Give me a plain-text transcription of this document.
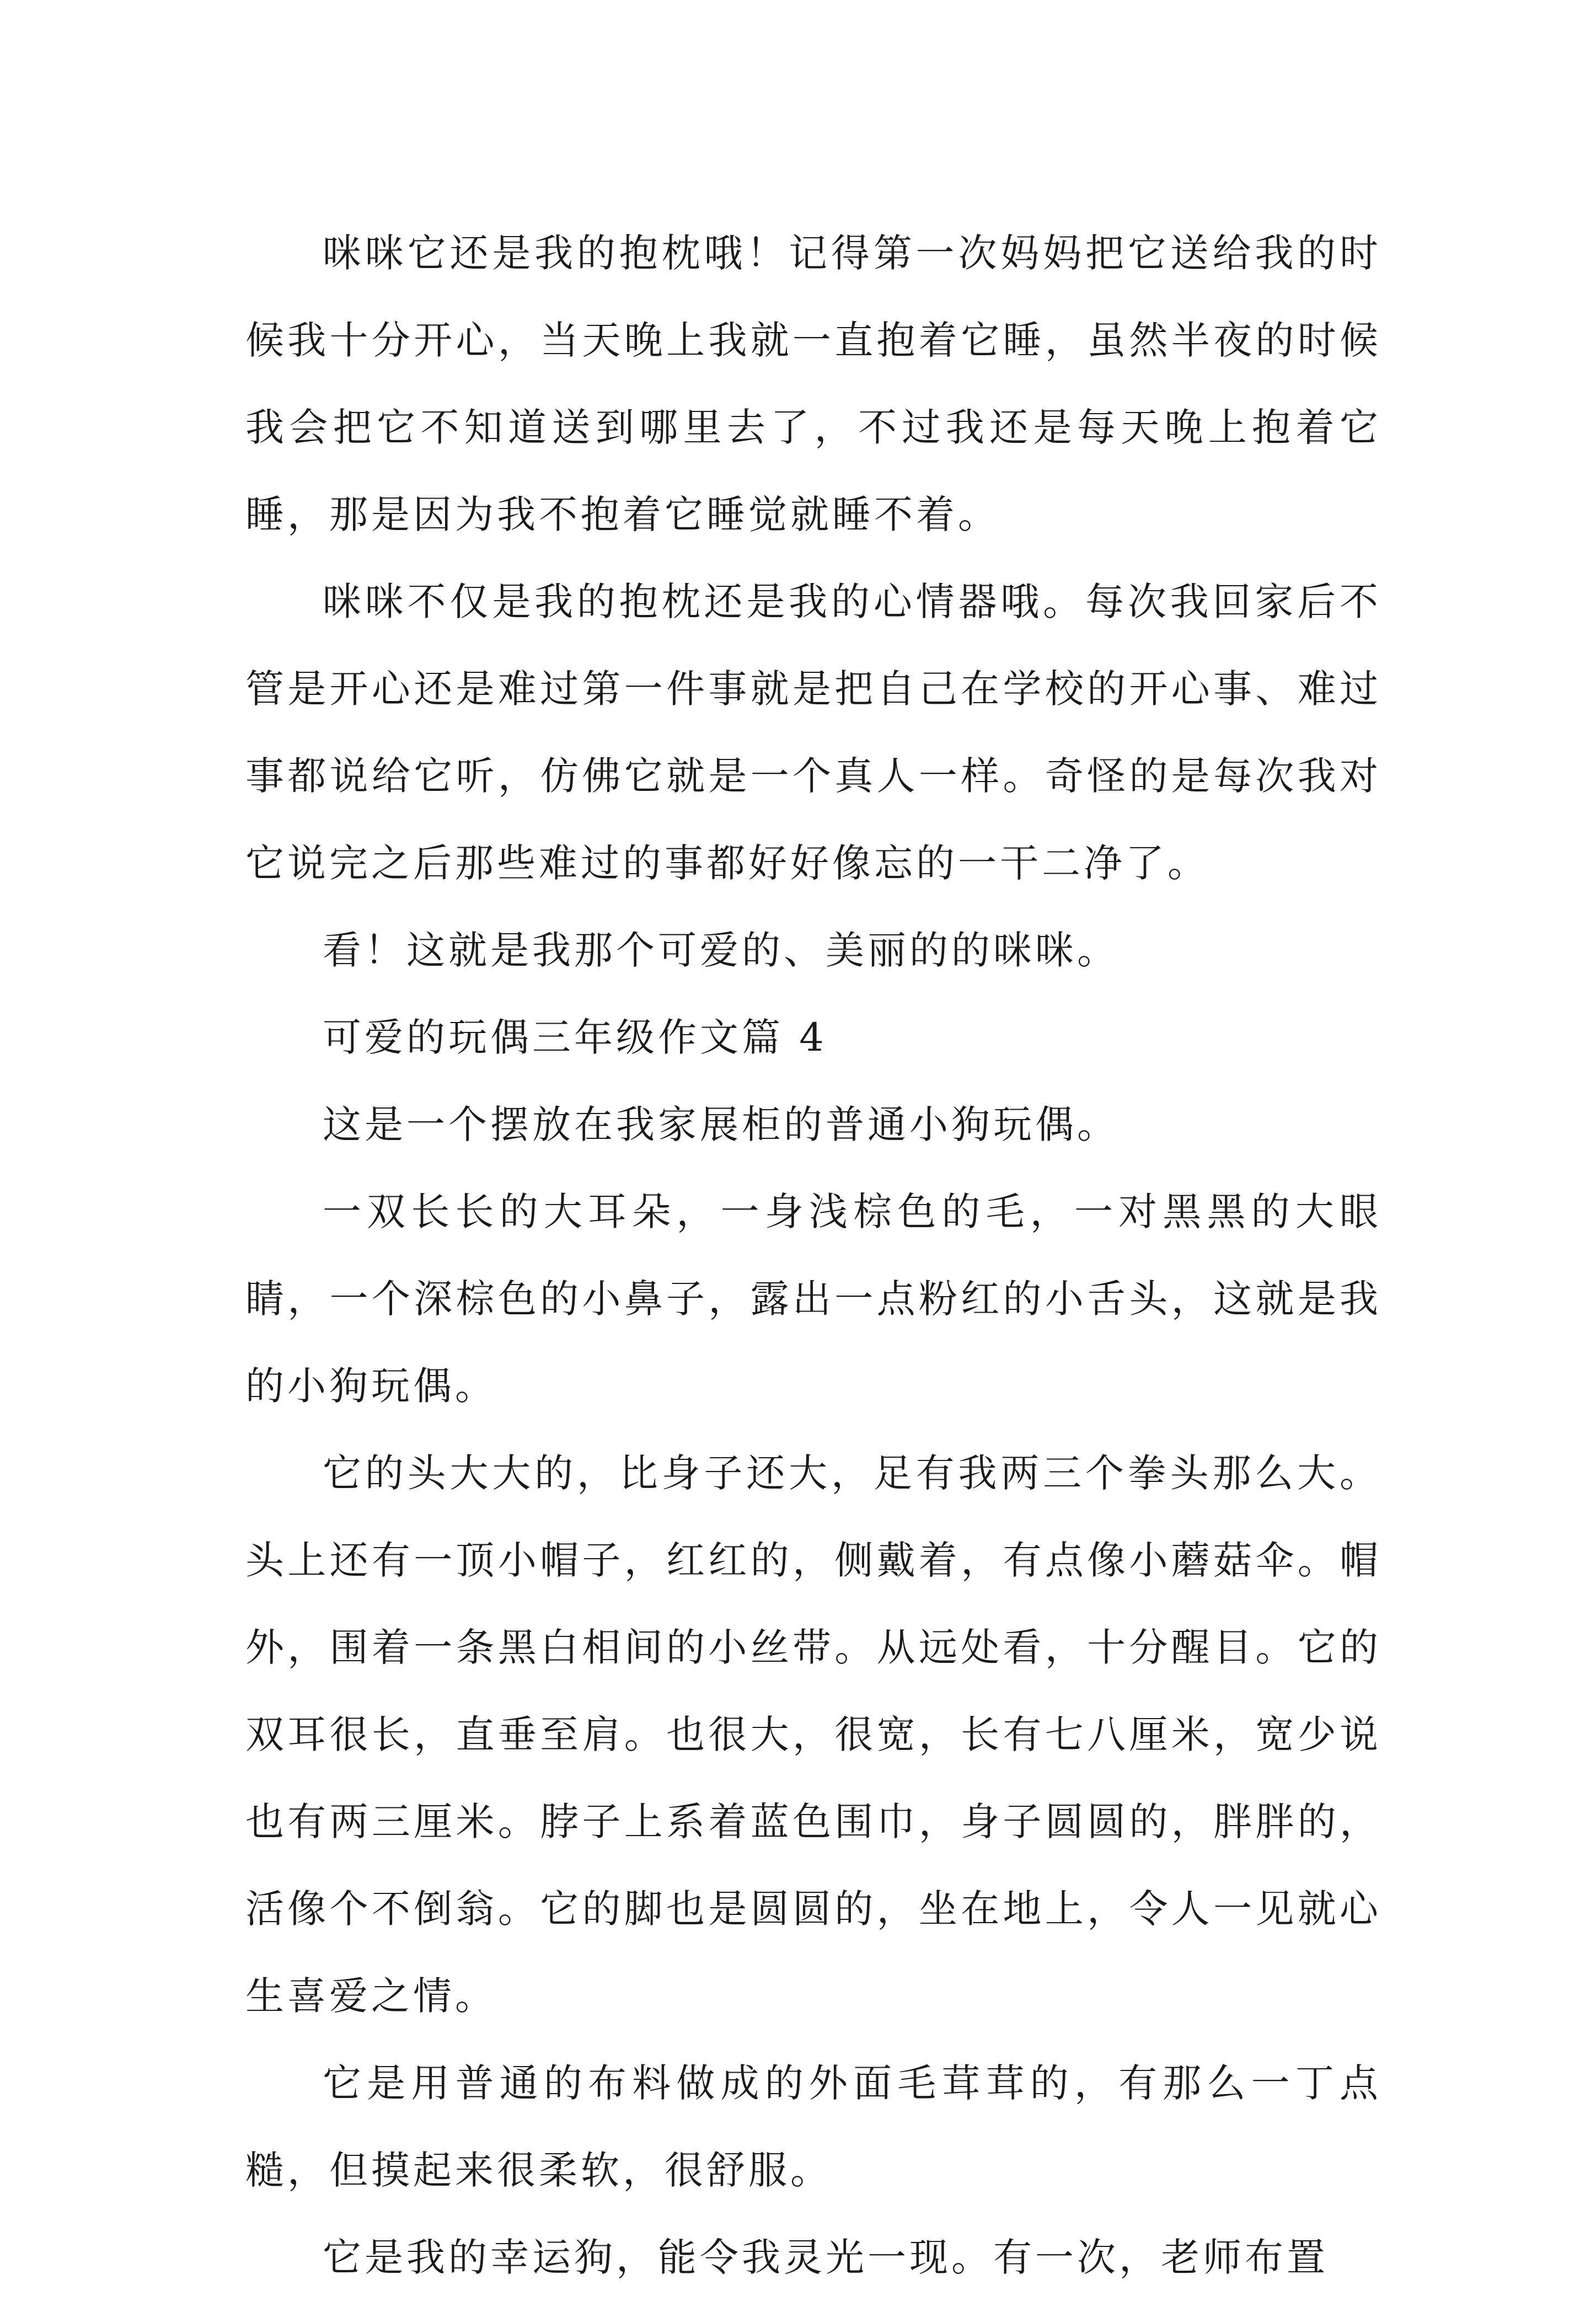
咪咪它还是我的抱枕哦！记得第一次妈妈把它送给我的时候我十分开心，当天晚上我就一直抱着它睡，虽然半夜的时候我会把它不知道送到哪里去了，不过我还是每天晚上抱着它睡，那是因为我不抱着它睡觉就睡不着。

咪咪不仅是我的抱枕还是我的心情器哦。每次我回家后不管是开心还是难过第一件事就是把自己在学校的开心事、难过事都说给它听，仿佛它就是一个真人一样。奇怪的是每次我对它说完之后那些难过的事都好好像忘的一干二净了。

看！这就是我那个可爱的、美丽的的咪咪。

可爱的玩偶三年级作文篇 4

这是一个摆放在我家展柜的普通小狗玩偶。

一双长长的大耳朵，一身浅棕色的毛，一对黑黑的大眼睛，一个深棕色的小鼻子，露出一点粉红的小舌头，这就是我的小狗玩偶。

它的头大大的，比身子还大，足有我两三个拳头那么大。头上还有一顶小帽子，红红的，侧戴着，有点像小蘑菇伞。帽外，围着一条黑白相间的小丝带。从远处看，十分醒目。它的双耳很长，直垂至肩。也很大，很宽，长有七八厘米，宽少说也有两三厘米。脖子上系着蓝色围巾，身子圆圆的，胖胖的，活像个不倒翁。它的脚也是圆圆的，坐在地上，令人一见就心生喜爱之情。

它是用普通的布料做成的外面毛茸茸的，有那么一丁点糙，但摸起来很柔软，很舒服。

它是我的幸运狗，能令我灵光一现。有一次，老师布置
